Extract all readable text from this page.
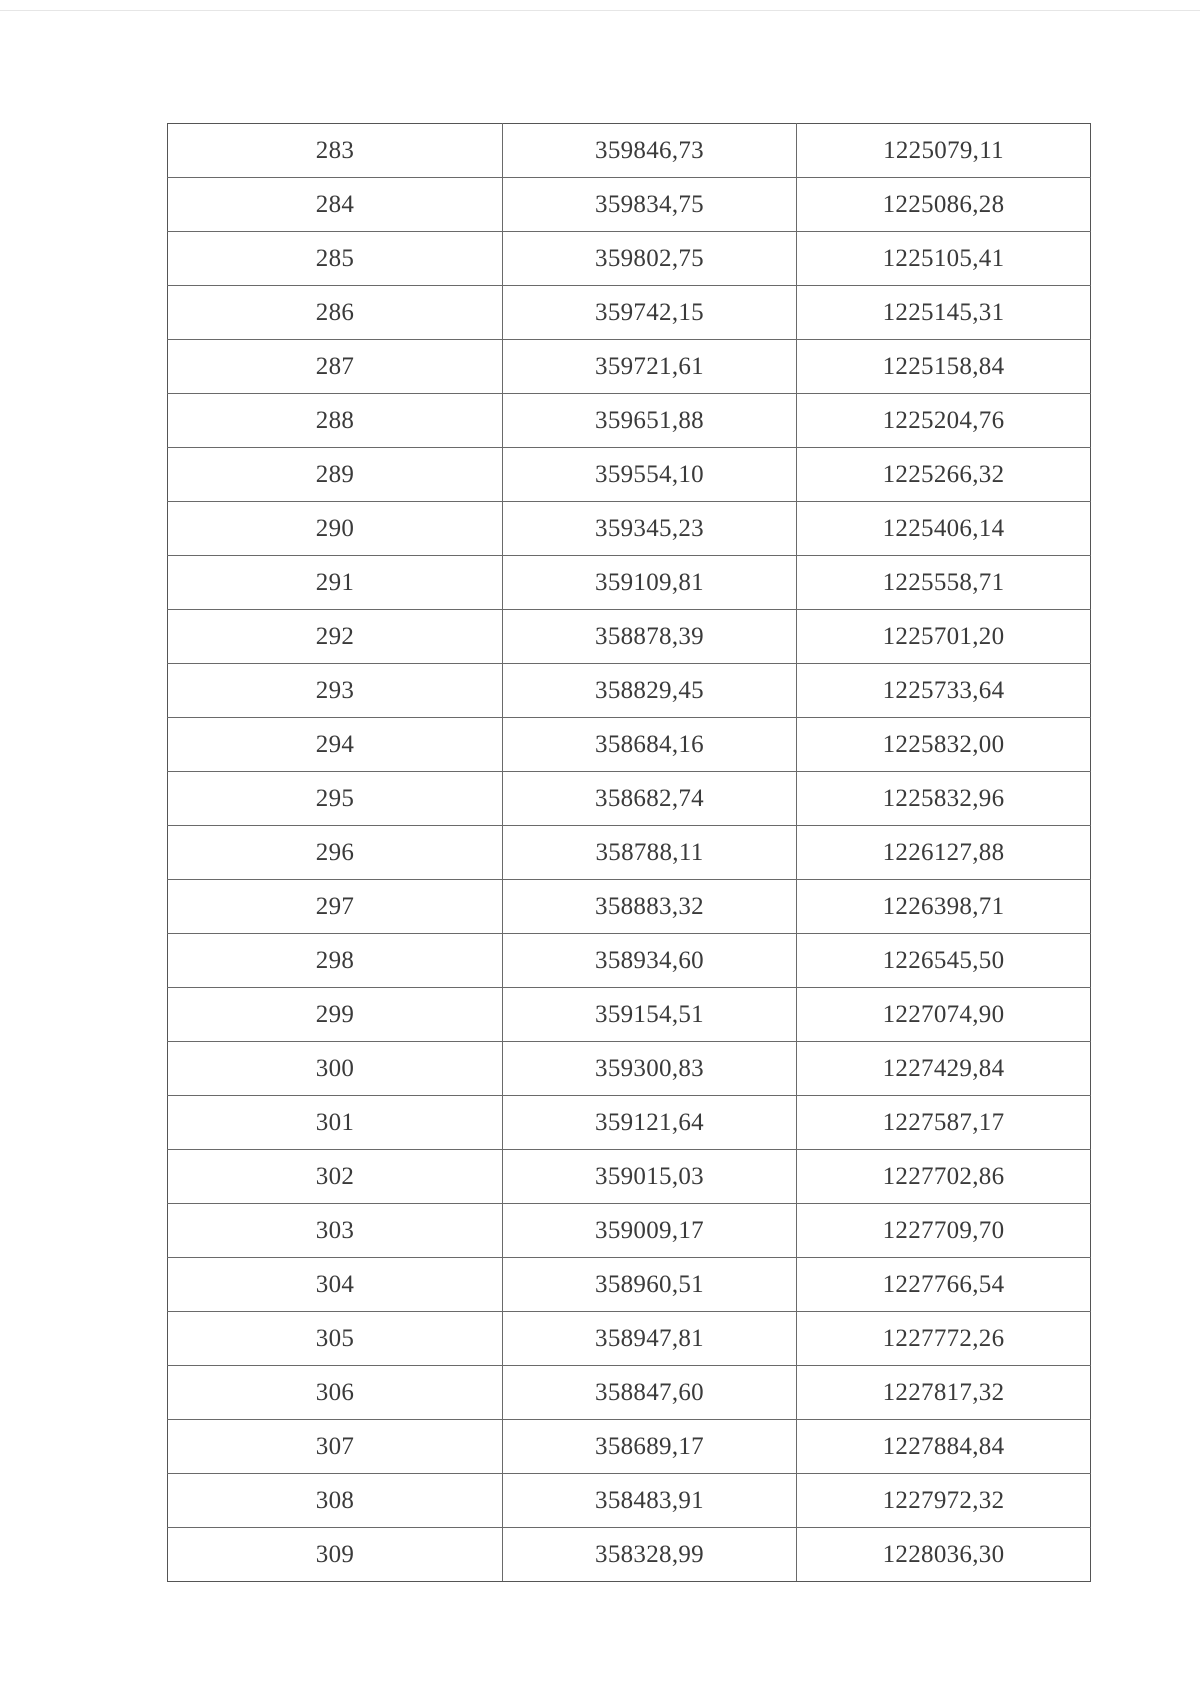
283	359846,73	1225079,11
284	359834,75	1225086,28
285	359802,75	1225105,41
286	359742,15	1225145,31
287	359721,61	1225158,84
288	359651,88	1225204,76
289	359554,10	1225266,32
290	359345,23	1225406,14
291	359109,81	1225558,71
292	358878,39	1225701,20
293	358829,45	1225733,64
294	358684,16	1225832,00
295	358682,74	1225832,96
296	358788,11	1226127,88
297	358883,32	1226398,71
298	358934,60	1226545,50
299	359154,51	1227074,90
300	359300,83	1227429,84
301	359121,64	1227587,17
302	359015,03	1227702,86
303	359009,17	1227709,70
304	358960,51	1227766,54
305	358947,81	1227772,26
306	358847,60	1227817,32
307	358689,17	1227884,84
308	358483,91	1227972,32
309	358328,99	1228036,30
